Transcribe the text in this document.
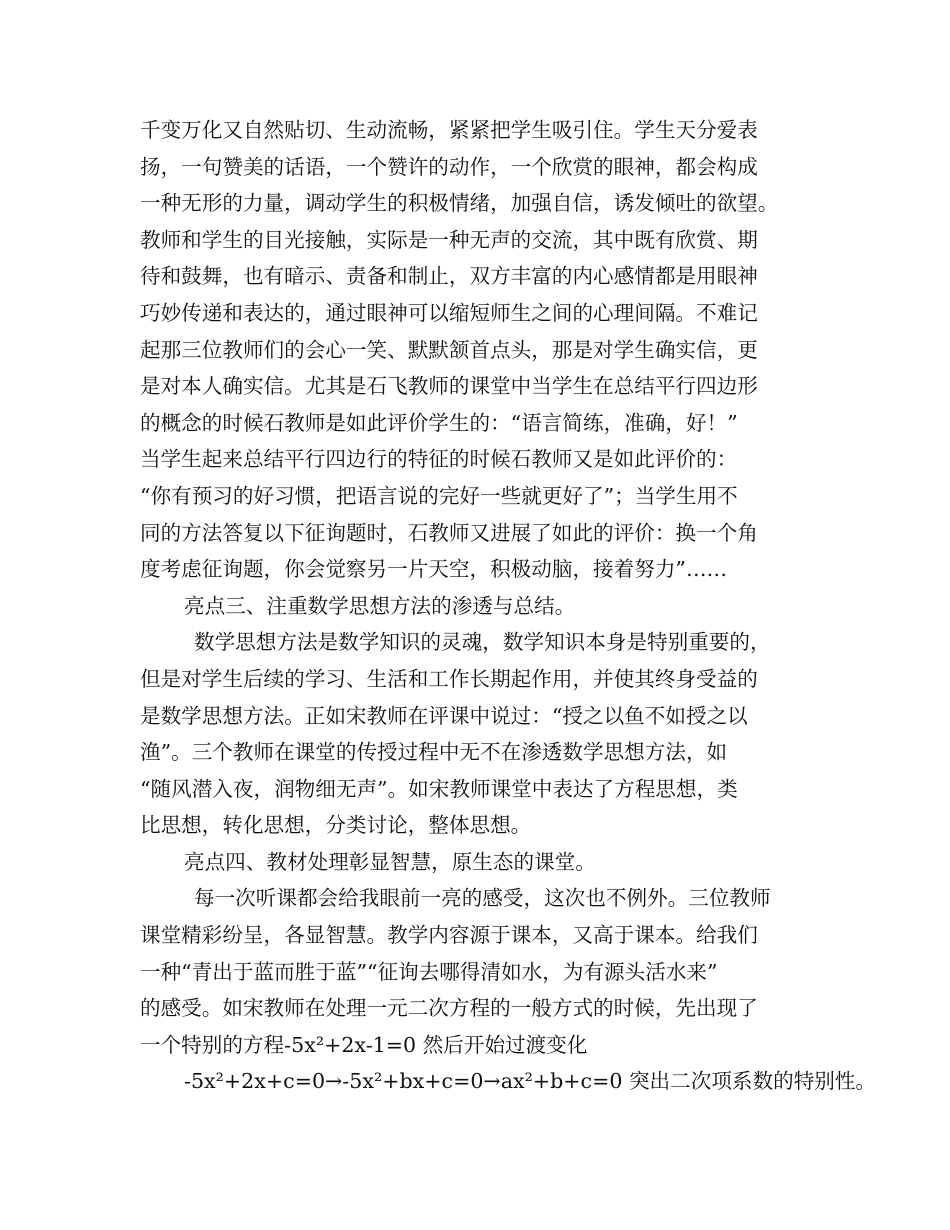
千变万化又自然贴切、生动流畅，紧紧把学生吸引住。学生天分爱表
扬，一句赞美的话语，一个赞许的动作，一个欣赏的眼神，都会构成
一种无形的力量，调动学生的积极情绪，加强自信，诱发倾吐的欲望。
教师和学生的目光接触，实际是一种无声的交流，其中既有欣赏、期
待和鼓舞，也有暗示、责备和制止，双方丰富的内心感情都是用眼神
巧妙传递和表达的，通过眼神可以缩短师生之间的心理间隔。不难记
起那三位教师们的会心一笑、默默颔首点头，那是对学生确实信，更
是对本人确实信。尤其是石飞教师的课堂中当学生在总结平行四边形
的概念的时候石教师是如此评价学生的：“语言简练，准确，好！”
当学生起来总结平行四边行的特征的时候石教师又是如此评价的：
“你有预习的好习惯，把语言说的完好一些就更好了”；当学生用不
同的方法答复以下征询题时，石教师又进展了如此的评价：换一个角
度考虑征询题，你会觉察另一片天空，积极动脑，接着努力”……
亮点三、注重数学思想方法的渗透与总结。
数学思想方法是数学知识的灵魂，数学知识本身是特别重要的，
但是对学生后续的学习、生活和工作长期起作用，并使其终身受益的
是数学思想方法。正如宋教师在评课中说过：“授之以鱼不如授之以
渔”。三个教师在课堂的传授过程中无不在渗透数学思想方法，如
“随风潜入夜，润物细无声”。如宋教师课堂中表达了方程思想，类
比思想，转化思想，分类讨论，整体思想。
亮点四、教材处理彰显智慧，原生态的课堂。
每一次听课都会给我眼前一亮的感受，这次也不例外。三位教师
课堂精彩纷呈，各显智慧。教学内容源于课本，又高于课本。给我们
一种“青出于蓝而胜于蓝”“征询去哪得清如水，为有源头活水来”
的感受。如宋教师在处理一元二次方程的一般方式的时候，先出现了
一个特别的方程-5x²+2x-1=0 然后开始过渡变化
-5x²+2x+c=0→-5x²+bx+c=0→ax²+b+c=0 突出二次项系数的特别性。
